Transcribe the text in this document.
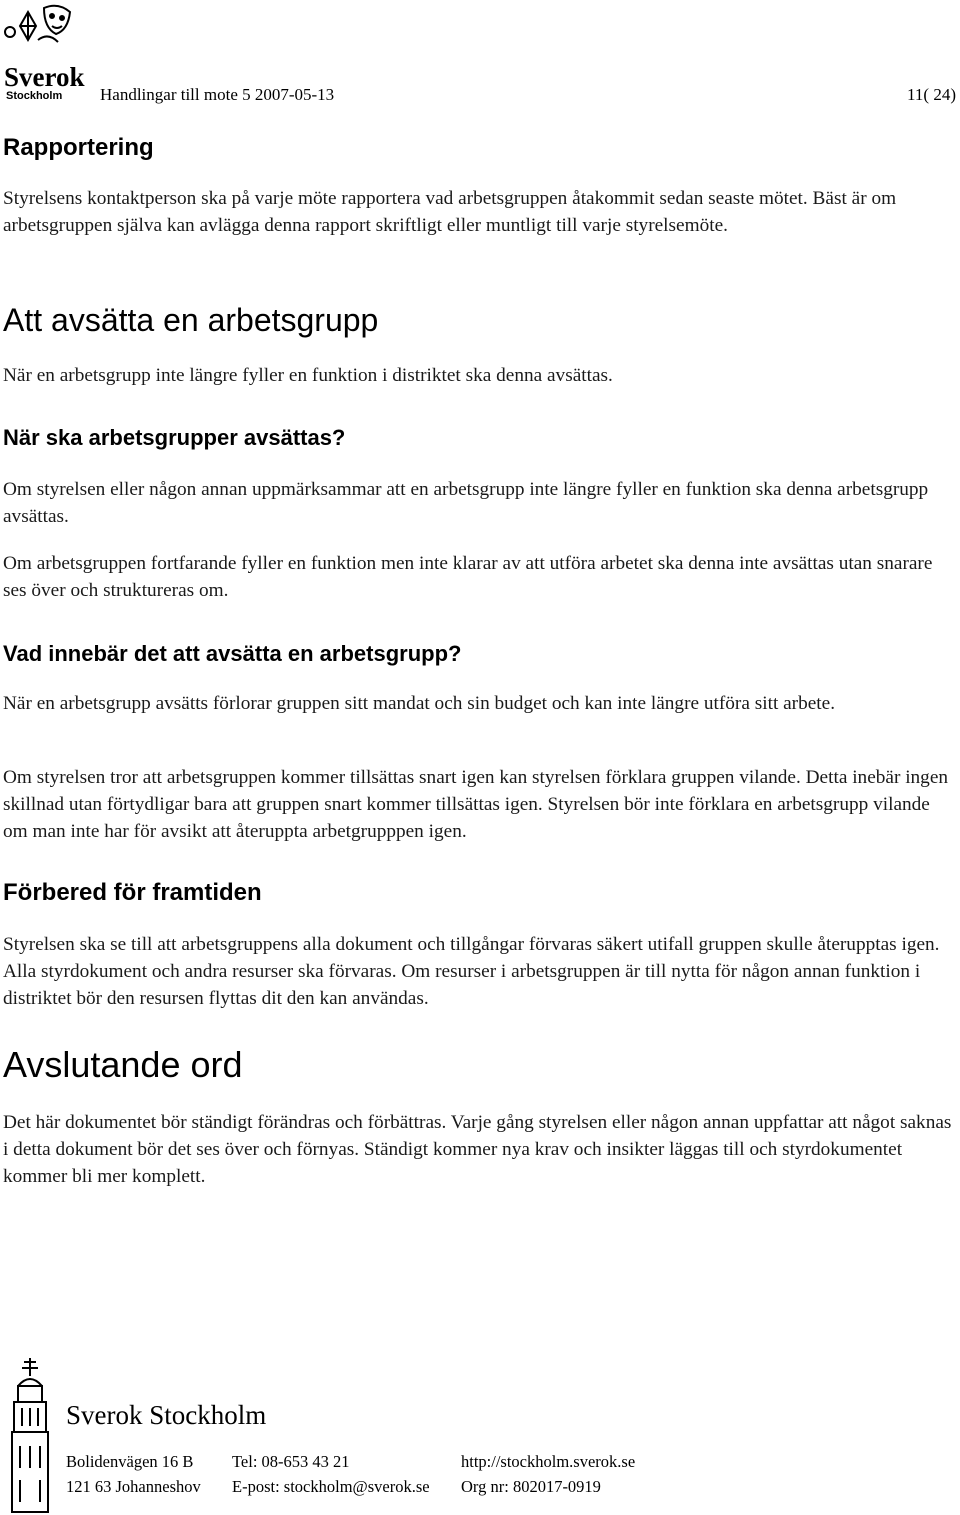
Sverok
Stockholm Handlingar till mote 5 2007-05-13	11( 24)
Rapportering

Styrelsens kontaktperson ska på varje möte rapportera vad arbetsgruppen åtakommit sedan seaste mötet. Bäst är om arbetsgruppen själva kan avlägga denna rapport skriftligt eller muntligt till varje styrelsemöte.

Att avsätta en arbetsgrupp

När en arbetsgrupp inte längre fyller en funktion i distriktet ska denna avsättas.

När ska arbetsgrupper avsättas?

Om styrelsen eller någon annan uppmärksammar att en arbetsgrupp inte längre fyller en funktion ska denna arbetsgrupp avsättas.

Om arbetsgruppen fortfarande fyller en funktion men inte klarar av att utföra arbetet ska denna inte avsättas utan snarare ses över och struktureras om.

Vad innebär det att avsätta en arbetsgrupp?

När en arbetsgrupp avsätts förlorar gruppen sitt mandat och sin budget och kan inte längre utföra sitt arbete.

Om styrelsen tror att arbetsgruppen kommer tillsättas snart igen kan styrelsen förklara gruppen vilande. Detta inebär ingen skillnad utan förtydligar bara att gruppen snart kommer tillsättas igen. Styrelsen bör inte förklara en arbetsgrupp vilande om man inte har för avsikt att återuppta arbetgrupppen igen.

Förbered för framtiden

Styrelsen ska se till att arbetsgruppens alla dokument och tillgångar förvaras säkert utifall gruppen skulle återupptas igen. Alla styrdokument och andra resurser ska förvaras. Om resurser i arbetsgruppen är till nytta för någon annan funktion i distriktet bör den resursen flyttas dit den kan användas.

Avslutande ord

Det här dokumentet bör ständigt förändras och förbättras. Varje gång styrelsen eller någon annan uppfattar att något saknas i detta dokument bör det ses över och förnyas. Ständigt kommer nya krav och insikter läggas till och styrdokumentet kommer bli mer komplett.

Sverok Stockholm
Bolidenvägen 16 B
121 63 Johanneshov
Tel: 08-653 43 21
E-post: stockholm@sverok.se
http://stockholm.sverok.se
Org nr: 802017-0919
